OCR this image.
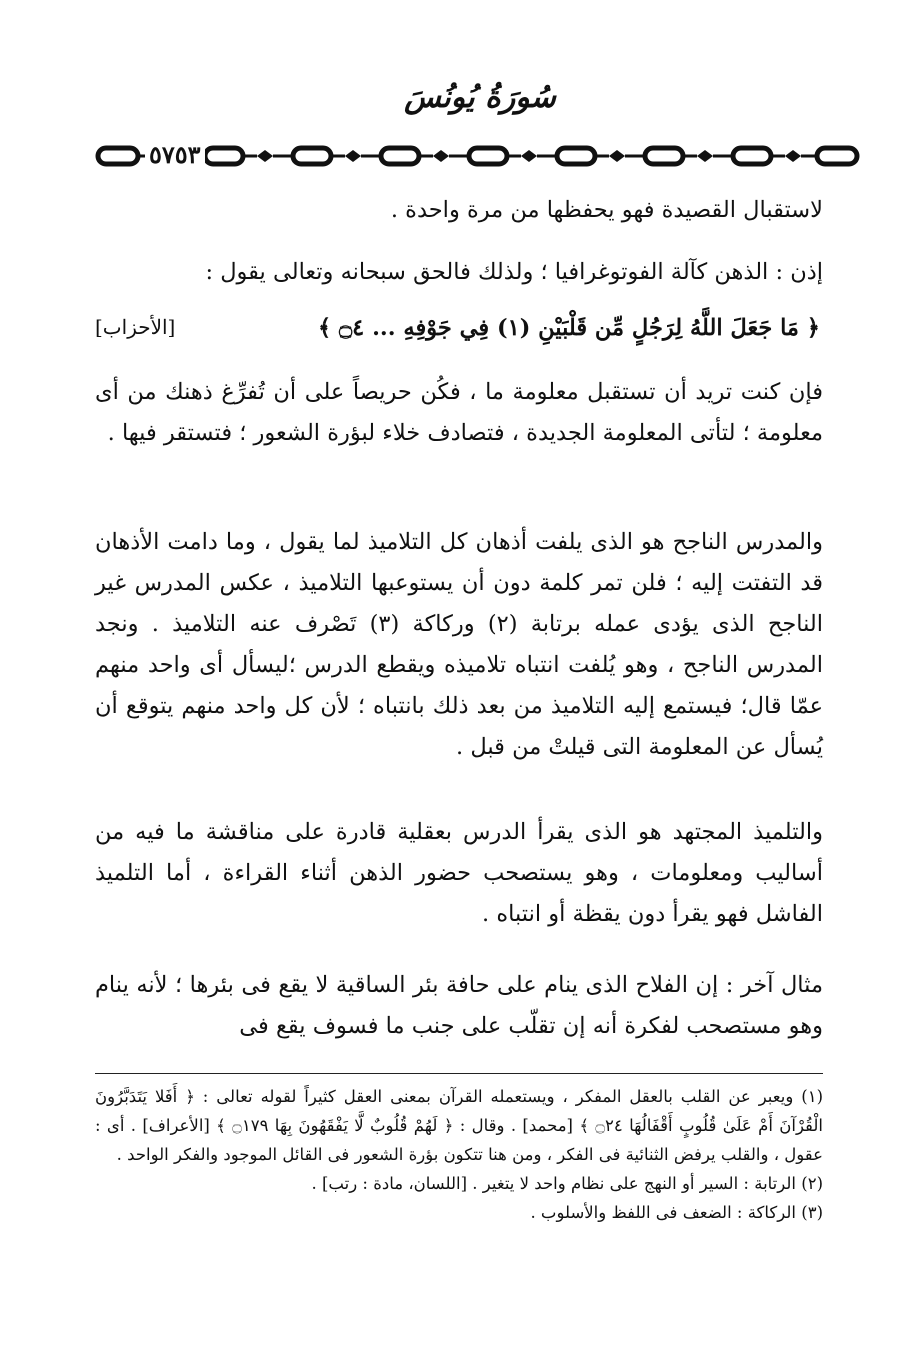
سُورَةُ يُونُسَ
٥٧٥٣
لاستقبال القصيدة فهو يحفظها من مرة واحدة .
إذن : الذهن كآلة الفوتوغرافيا ؛ ولذلك فالحق سبحانه وتعالى يقول :
﴿ مَا جَعَلَ اللَّهُ لِرَجُلٍ مِّن قَلْبَيْنِ (١) فِي جَوْفِهِ ... ۝٤ ﴾
[الأحزاب]
فإن كنت تريد أن تستقبل معلومة ما ، فكُن حريصاً على أن تُفرِّغ ذهنك من أى معلومة ؛ لتأتى المعلومة الجديدة ، فتصادف خلاء لبؤرة الشعور ؛ فتستقر فيها .
والمدرس الناجح هو الذى يلفت أذهان كل التلاميذ لما يقول ، وما دامت الأذهان قد التفتت إليه ؛ فلن تمر كلمة دون أن يستوعبها التلاميذ ، عكس المدرس غير الناجح الذى يؤدى عمله برتابة (٢) وركاكة (٣) تَصْرف عنه التلاميذ . ونجد المدرس الناجح ، وهو يُلفت انتباه تلاميذه ويقطع الدرس ؛ليسأل أى واحد منهم عمّا قال؛ فيستمع إليه التلاميذ من بعد ذلك بانتباه ؛ لأن كل واحد منهم يتوقع أن يُسأل عن المعلومة التى قيلتْ من قبل .
والتلميذ المجتهد هو الذى يقرأ الدرس بعقلية قادرة على مناقشة ما فيه من أساليب ومعلومات ، وهو يستصحب حضور الذهن أثناء القراءة ، أما التلميذ الفاشل فهو يقرأ دون يقظة أو انتباه .
مثال آخر : إن الفلاح الذى ينام على حافة بئر الساقية لا يقع فى بئرها ؛ لأنه ينام وهو مستصحب لفكرة أنه إن تقلّب على جنب ما فسوف يقع فى

(١) ويعبر عن القلب بالعقل المفكر ، ويستعمله القرآن بمعنى العقل كثيراً لقوله تعالى : ﴿ أَفَلا يَتَدَبَّرُونَ الْقُرْآنَ أَمْ عَلَىٰ قُلُوبٍ أَقْفَالُهَا ۝٢٤ ﴾ [محمد] . وقال : ﴿ لَهُمْ قُلُوبٌ لَّا يَفْقَهُونَ بِهَا ۝١٧٩ ﴾ [الأعراف] . أى : عقول ، والقلب يرفض الثنائية فى الفكر ، ومن هنا تتكون بؤرة الشعور فى القائل الموجود والفكر الواحد .

(٢) الرتابة : السير أو النهج على نظام واحد لا يتغير . [اللسان، مادة : رتب] .

(٣) الركاكة : الضعف فى اللفظ والأسلوب .
